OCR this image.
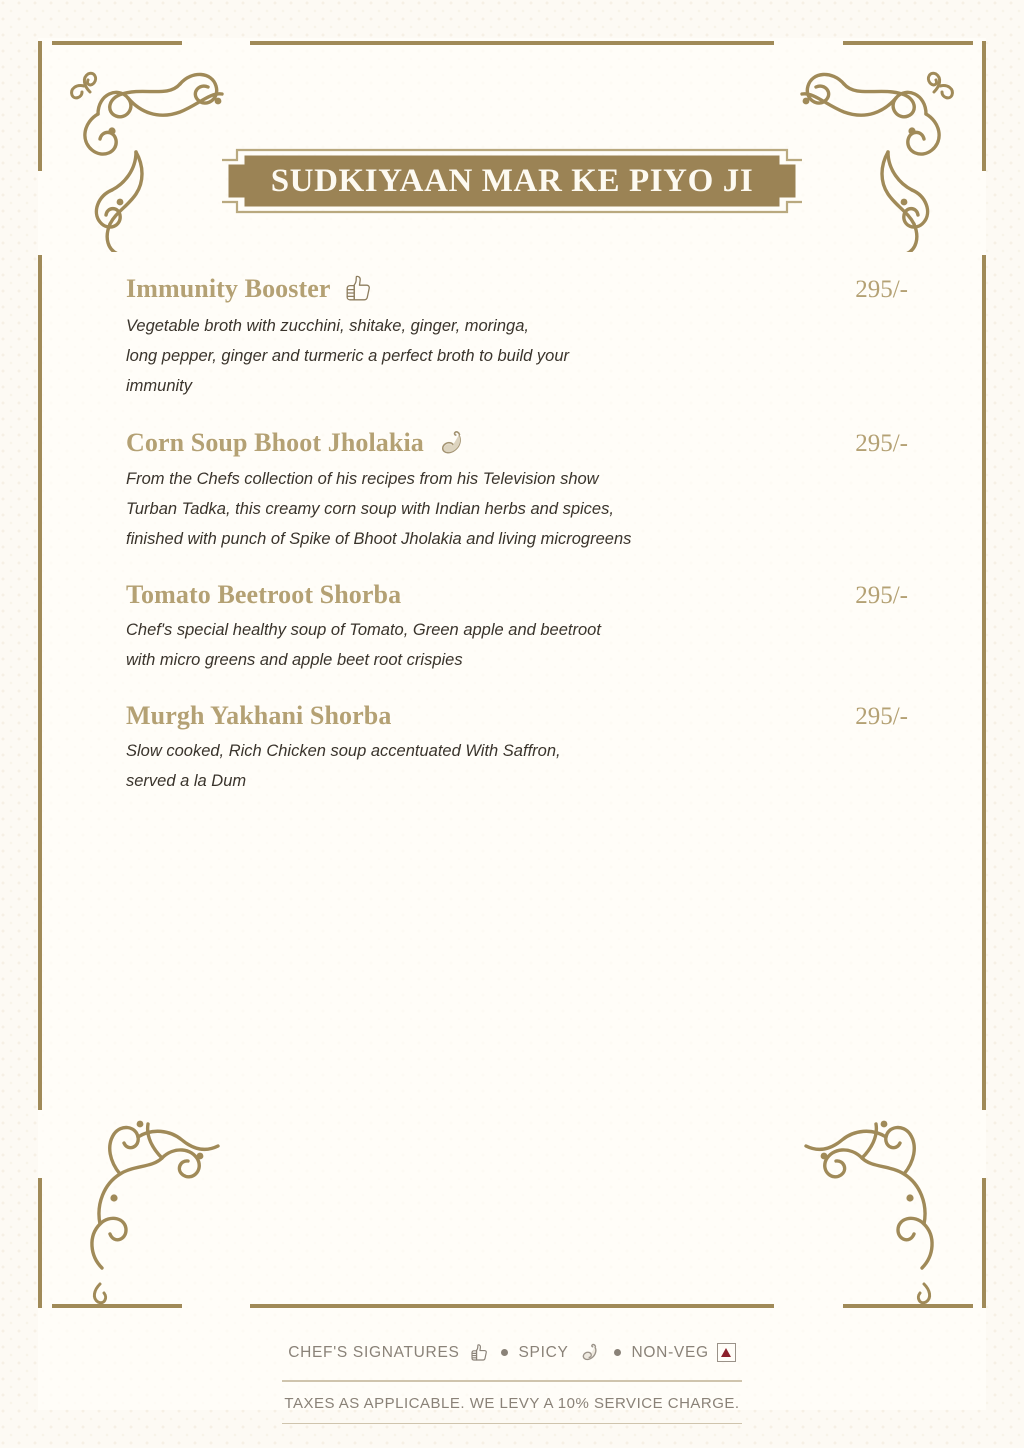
SUDKIYAAN MAR KE PIYO JI
Immunity Booster	295/-
Vegetable broth with zucchini, shitake, ginger, moringa,
long pepper, ginger and turmeric a perfect broth to build your
immunity
Corn Soup Bhoot Jholakia	295/-
From the Chefs collection of his recipes from his Television show
Turban Tadka, this creamy corn soup with Indian herbs and spices,
finished with punch of Spike of Bhoot Jholakia and living microgreens
Tomato Beetroot Shorba	295/-
Chef's special healthy soup of Tomato, Green apple and beetroot
with micro greens and apple beet root crispies
Murgh Yakhani Shorba	295/-
Slow cooked, Rich Chicken soup accentuated With Saffron,
served a la Dum
CHEF'S SIGNATURES	SPICY	NON-VEG
TAXES AS APPLICABLE. WE LEVY A 10% SERVICE CHARGE.
